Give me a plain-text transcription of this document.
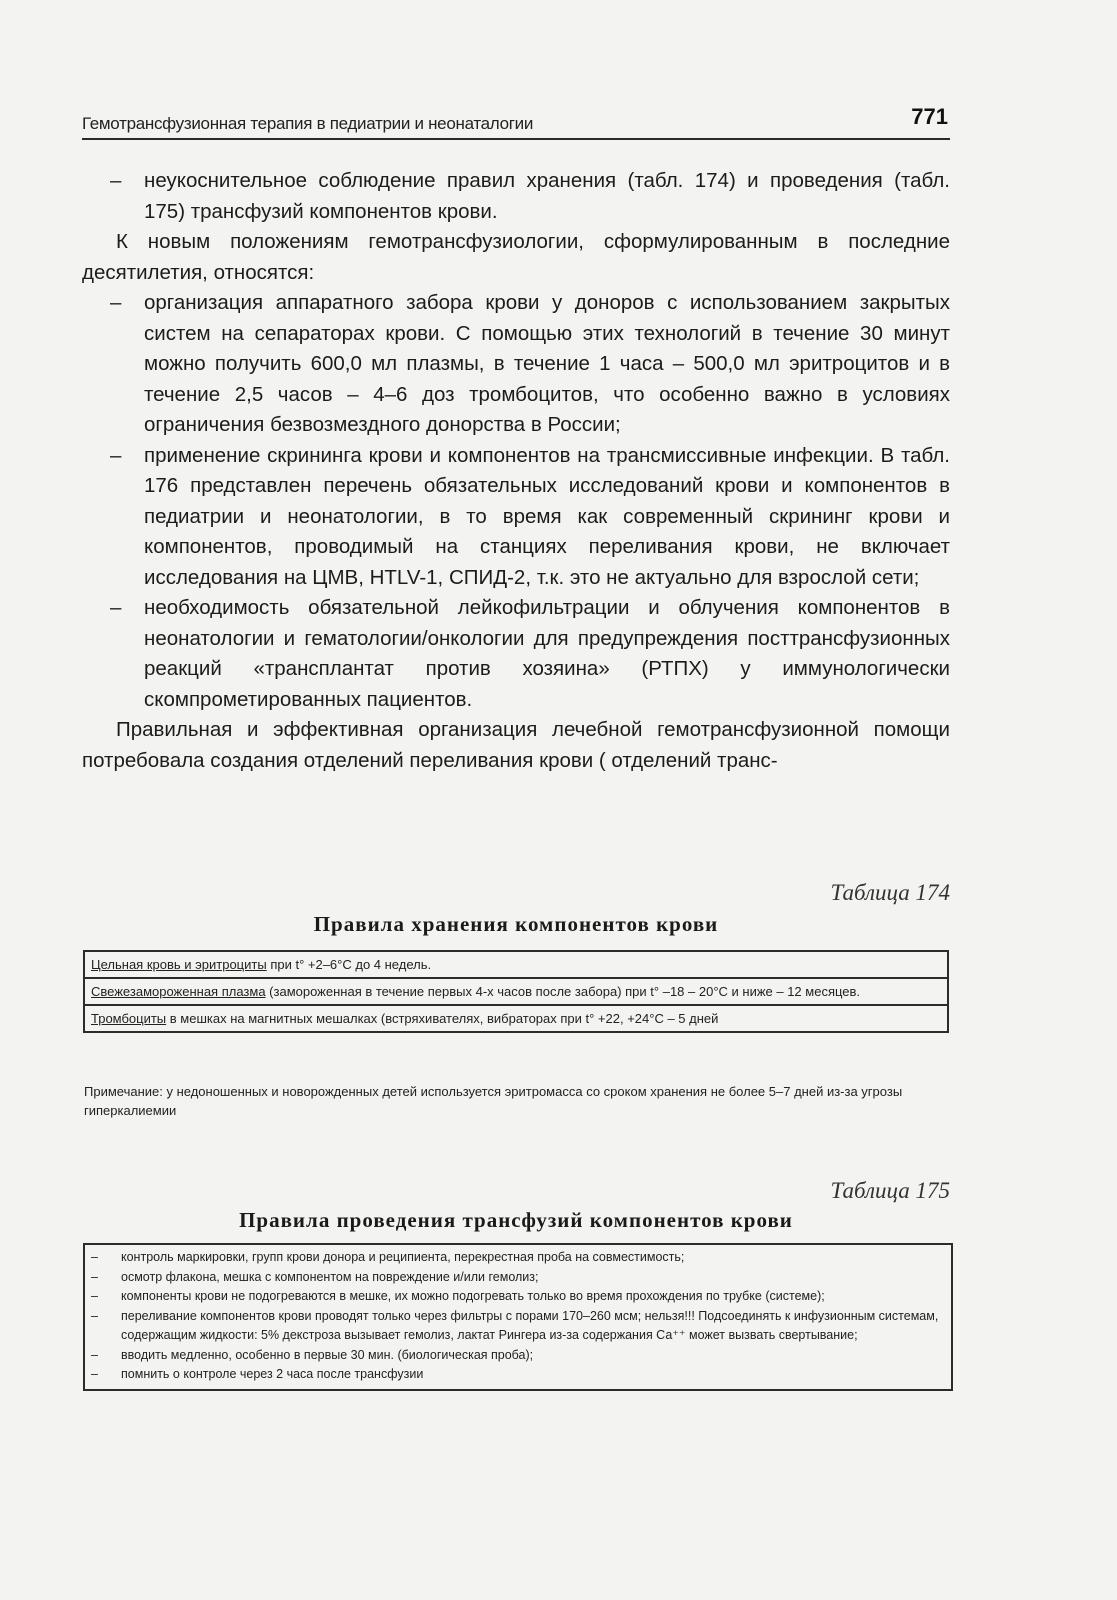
Гемотрансфузионная терапия в педиатрии и неонаталогии	771

– неукоснительное соблюдение правил хранения (табл. 174) и проведения (табл. 175) трансфузий компонентов крови.

К новым положениям гемотрансфузиологии, сформулированным в последние десятилетия, относятся:

– организация аппаратного забора крови у доноров с использованием закрытых систем на сепараторах крови. С помощью этих технологий в течение 30 минут можно получить 600,0 мл плазмы, в течение 1 часа – 500,0 мл эритроцитов и в течение 2,5 часов – 4–6 доз тромбоцитов, что особенно важно в условиях ограничения безвозмездного донорства в России;

– применение скрининга крови и компонентов на трансмиссивные инфекции. В табл. 176 представлен перечень обязательных исследований крови и компонентов в педиатрии и неонатологии, в то время как современный скрининг крови и компонентов, проводимый на станциях переливания крови, не включает исследования на ЦМВ, HTLV-1, СПИД-2, т.к. это не актуально для взрослой сети;

– необходимость обязательной лейкофильтрации и облучения компонентов в неонатологии и гематологии/онкологии для предупреждения посттрансфузионных реакций «трансплантат против хозяина» (РТПХ) у иммунологически скомпрометированных пациентов.

Правильная и эффективная организация лечебной гемотрансфузионной помощи потребовала создания отделений переливания крови ( отделений транс-

Таблица 174
Правила хранения компонентов крови
Цельная кровь и эритроциты при t° +2–6°С до 4 недель.
Свежезамороженная плазма (замороженная в течение первых 4-х часов после забора) при t° –18 – 20°С и ниже – 12 месяцев.
Тромбоциты в мешках на магнитных мешалках (встряхивателях, вибраторах при t° +22, +24°С – 5 дней
Примечание: у недоношенных и новорожденных детей используется эритромасса со сроком хранения не более 5–7 дней из-за угрозы гиперкалиемии
Таблица 175
Правила проведения трансфузий компонентов крови
– контроль маркировки, групп крови донора и реципиента, перекрестная проба на совместимость;
– осмотр флакона, мешка с компонентом на повреждение и/или гемолиз;
– компоненты крови не подогреваются в мешке, их можно подогревать только во время прохождения по трубке (системе);
– переливание компонентов крови проводят только через фильтры с порами 170–260 мсм; нельзя!!! Подсоединять к инфузионным системам, содержащим жидкости: 5% декстроза вызывает гемолиз, лактат Рингера из-за содержания Са⁺⁺ может вызвать свертывание;
– вводить медленно, особенно в первые 30 мин. (биологическая проба);
– помнить о контроле через 2 часа после трансфузии
